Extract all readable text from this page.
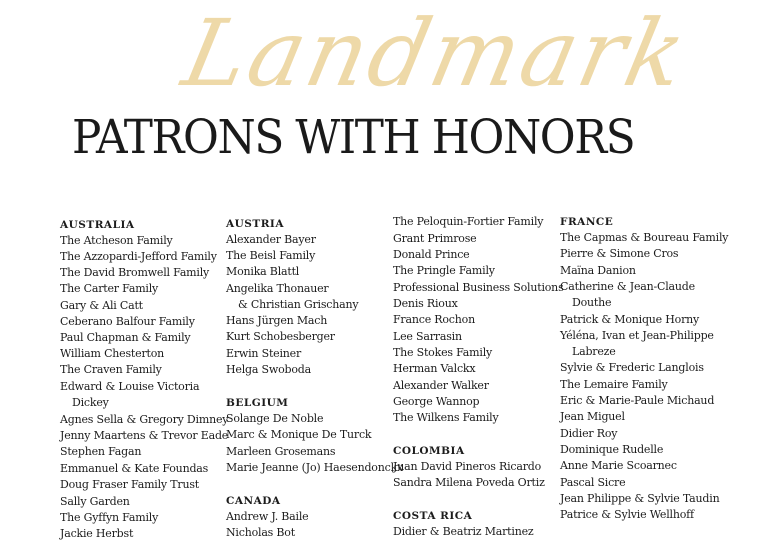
Landmark
PATRONS WITH HONORS
AUSTRALIA
The Atcheson Family
The Azzopardi-Jefford Family
The David Bromwell Family
The Carter Family
Gary & Ali Catt
Ceberano Balfour Family
Paul Chapman & Family
William Chesterton
The Craven Family
Edward & Louise Victoria
Dickey
Agnes Sella & Gregory Dimney
Jenny Maartens & Trevor Eade
Stephen Fagan
Emmanuel & Kate Foundas
Doug Fraser Family Trust
Sally Garden
The Gyffyn Family
Jackie Herbst
AUSTRIA
Alexander Bayer
The Beisl Family
Monika Blattl
Angelika Thonauer
& Christian Grischany
Hans Jürgen Mach
Kurt Schobesberger
Erwin Steiner
Helga Swoboda
BELGIUM
Solange De Noble
Marc & Monique De Turck
Marleen Grosemans
Marie Jeanne (Jo) Haesendonckx
CANADA
Andrew J. Baile
Nicholas Bot
The Peloquin-Fortier Family
Grant Primrose
Donald Prince
The Pringle Family
Professional Business Solutions
Denis Rioux
France Rochon
Lee Sarrasin
The Stokes Family
Herman Valckx
Alexander Walker
George Wannop
The Wilkens Family
COLOMBIA
Juan David Pineros Ricardo
Sandra Milena Poveda Ortiz
COSTA RICA
Didier & Beatriz Martinez
FRANCE
The Capmas & Boureau Family
Pierre & Simone Cros
Maïna Danion
Catherine & Jean-Claude
Douthe
Patrick & Monique Horny
Yéléna, Ivan et Jean-Philippe
Labreze
Sylvie & Frederic Langlois
The Lemaire Family
Eric & Marie-Paule Michaud
Jean Miguel
Didier Roy
Dominique Rudelle
Anne Marie Scoarnec
Pascal Sicre
Jean Philippe & Sylvie Taudin
Patrice & Sylvie Wellhoff
